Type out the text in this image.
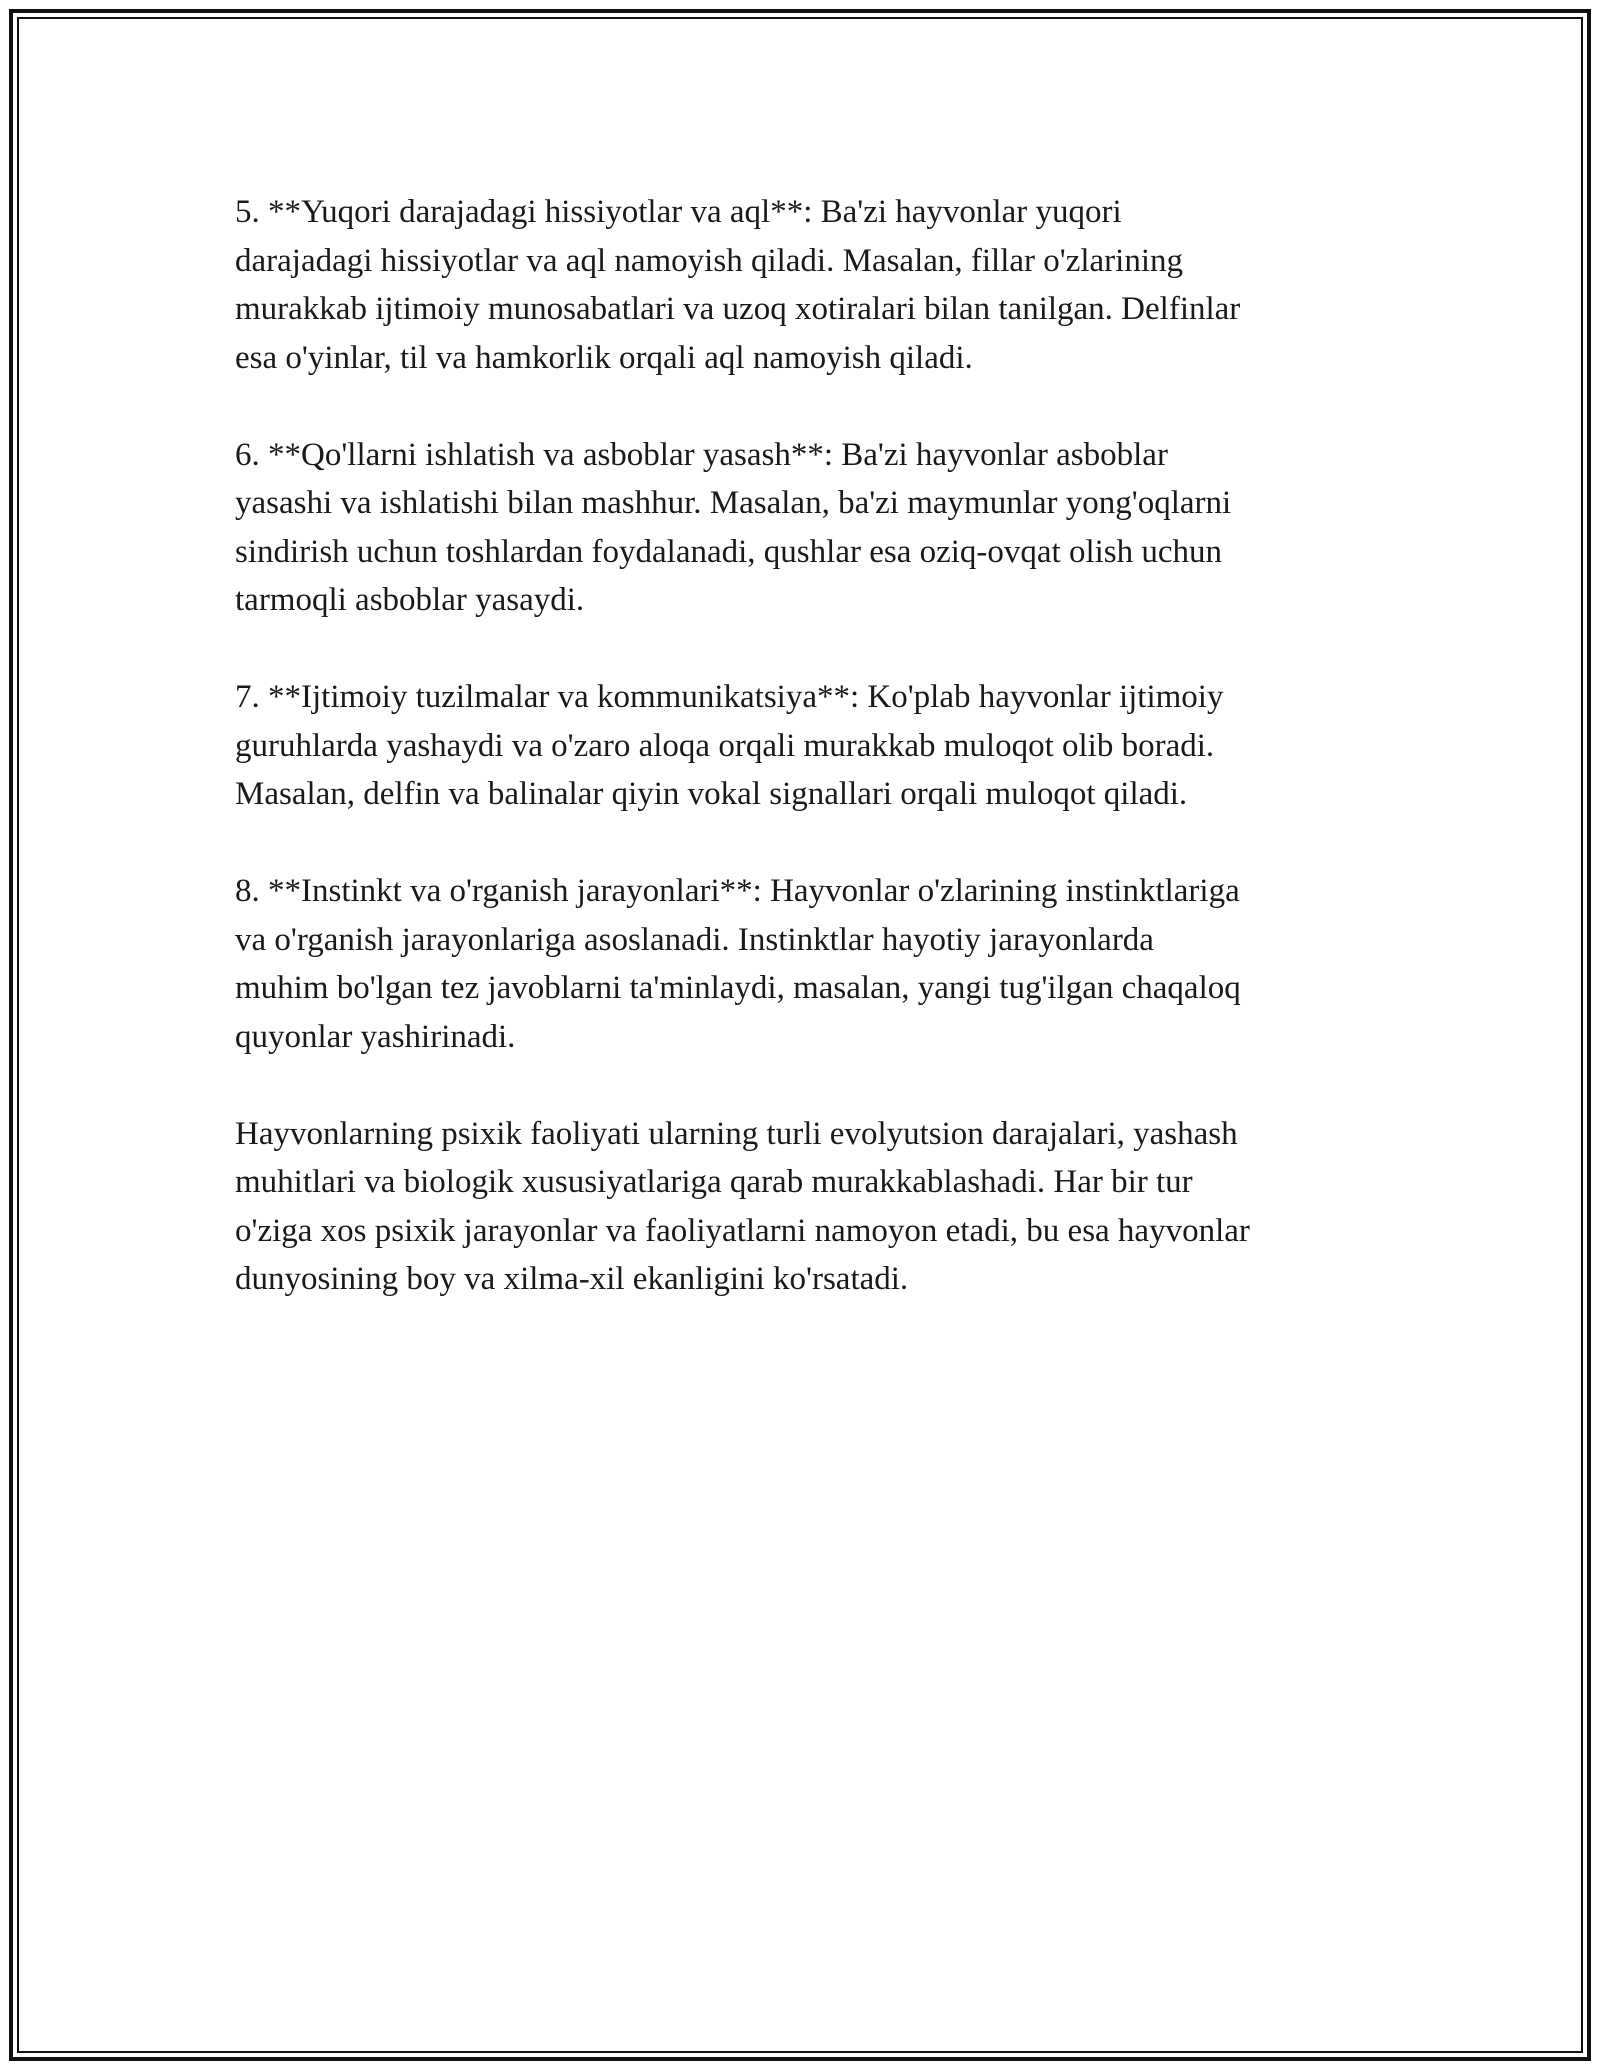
5. **Yuqori darajadagi hissiyotlar va aql**: Ba'zi hayvonlar yuqori
darajadagi hissiyotlar va aql namoyish qiladi. Masalan, fillar o'zlarining
murakkab ijtimoiy munosabatlari va uzoq xotiralari bilan tanilgan. Delfinlar
esa o'yinlar, til va hamkorlik orqali aql namoyish qiladi.

6. **Qo'llarni ishlatish va asboblar yasash**: Ba'zi hayvonlar asboblar
yasashi va ishlatishi bilan mashhur. Masalan, ba'zi maymunlar yong'oqlarni
sindirish uchun toshlardan foydalanadi, qushlar esa oziq-ovqat olish uchun
tarmoqli asboblar yasaydi.

7. **Ijtimoiy tuzilmalar va kommunikatsiya**: Ko'plab hayvonlar ijtimoiy
guruhlarda yashaydi va o'zaro aloqa orqali murakkab muloqot olib boradi.
Masalan, delfin va balinalar qiyin vokal signallari orqali muloqot qiladi.

8. **Instinkt va o'rganish jarayonlari**: Hayvonlar o'zlarining instinktlariga
va o'rganish jarayonlariga asoslanadi. Instinktlar hayotiy jarayonlarda
muhim bo'lgan tez javoblarni ta'minlaydi, masalan, yangi tug'ilgan chaqaloq
quyonlar yashirinadi.

Hayvonlarning psixik faoliyati ularning turli evolyutsion darajalari, yashash
muhitlari va biologik xususiyatlariga qarab murakkablashadi. Har bir tur
o'ziga xos psixik jarayonlar va faoliyatlarni namoyon etadi, bu esa hayvonlar
dunyosining boy va xilma-xil ekanligini ko'rsatadi.
